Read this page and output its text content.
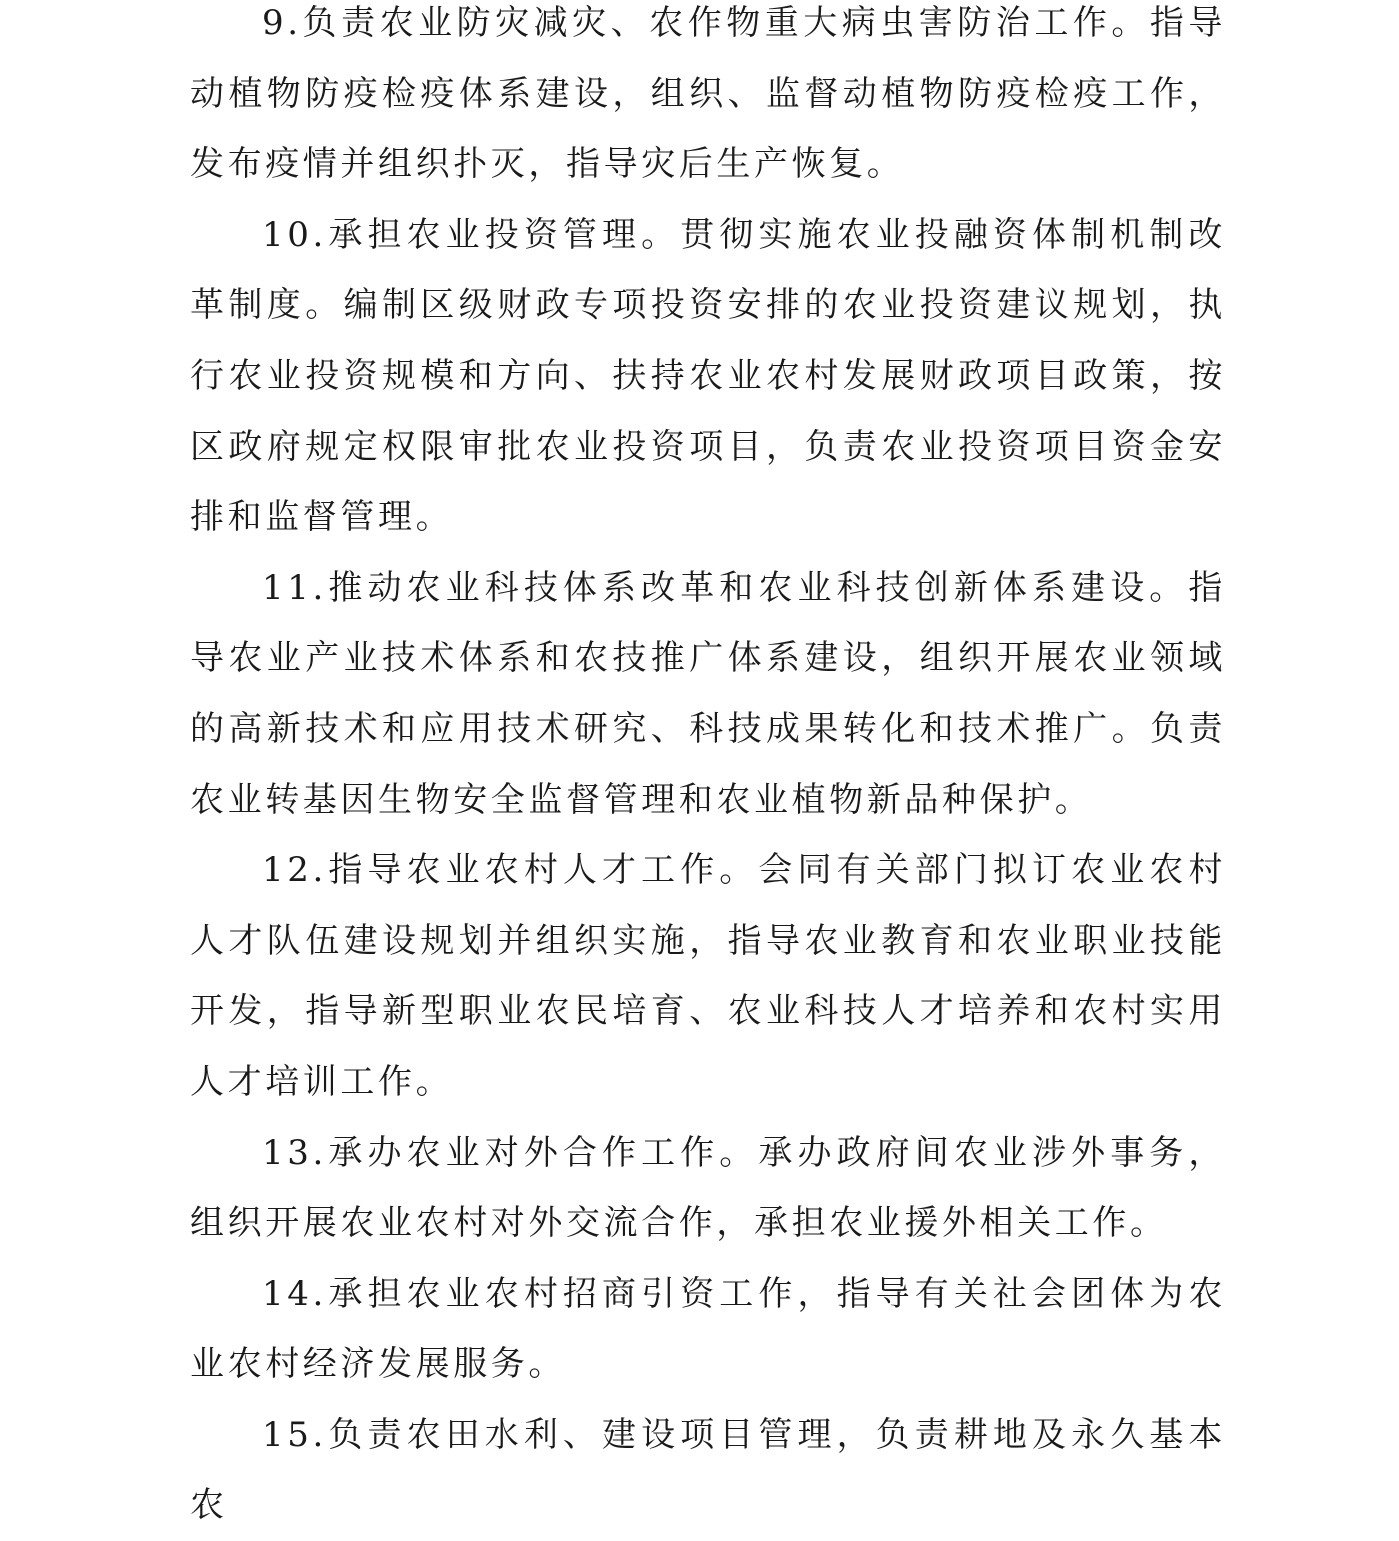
9.负责农业防灾减灾、农作物重大病虫害防治工作。指导动植物防疫检疫体系建设，组织、监督动植物防疫检疫工作，发布疫情并组织扑灭，指导灾后生产恢复。

10.承担农业投资管理。贯彻实施农业投融资体制机制改革制度。编制区级财政专项投资安排的农业投资建议规划，执行农业投资规模和方向、扶持农业农村发展财政项目政策，按区政府规定权限审批农业投资项目，负责农业投资项目资金安排和监督管理。

11.推动农业科技体系改革和农业科技创新体系建设。指导农业产业技术体系和农技推广体系建设，组织开展农业领域的高新技术和应用技术研究、科技成果转化和技术推广。负责农业转基因生物安全监督管理和农业植物新品种保护。

12.指导农业农村人才工作。会同有关部门拟订农业农村人才队伍建设规划并组织实施，指导农业教育和农业职业技能开发，指导新型职业农民培育、农业科技人才培养和农村实用人才培训工作。

13.承办农业对外合作工作。承办政府间农业涉外事务，组织开展农业农村对外交流合作，承担农业援外相关工作。

14.承担农业农村招商引资工作，指导有关社会团体为农业农村经济发展服务。

15.负责农田水利、建设项目管理，负责耕地及永久基本农
